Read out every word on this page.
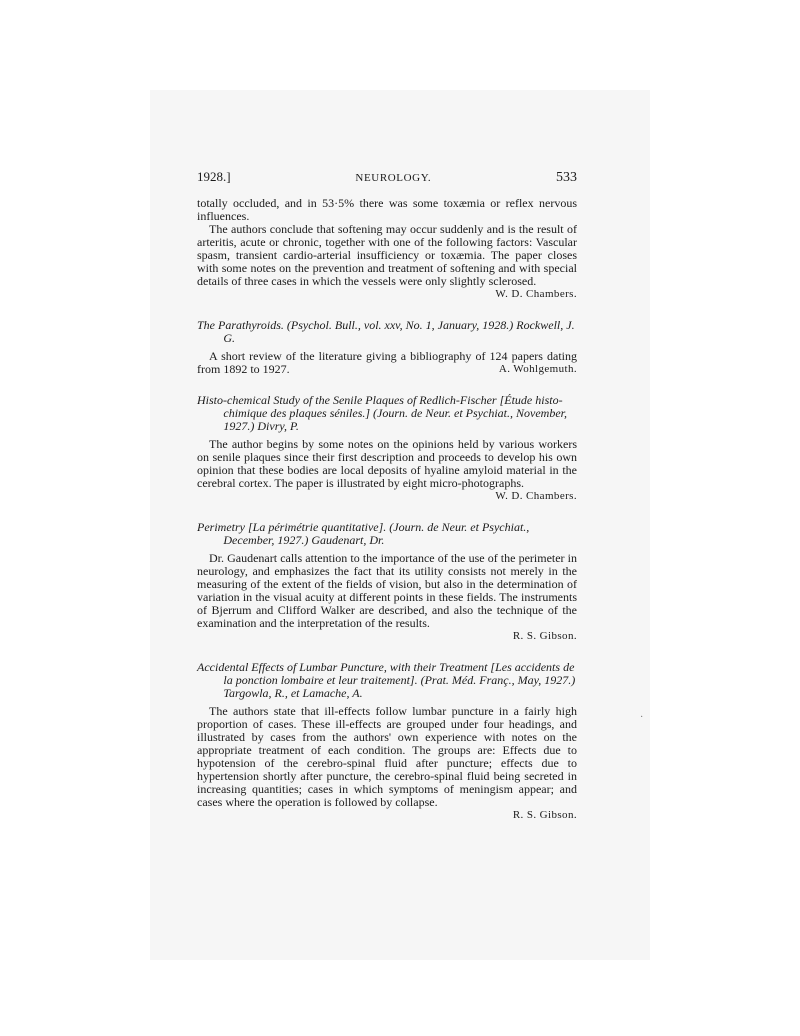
1928.]	NEUROLOGY.	533

totally occluded, and in 53·5% there was some toxæmia or reflex nervous influences.

The authors conclude that softening may occur suddenly and is the result of arteritis, acute or chronic, together with one of the following factors: Vascular spasm, transient cardio-arterial insufficiency or toxæmia. The paper closes with some notes on the prevention and treatment of softening and with special details of three cases in which the vessels were only slightly sclerosed.

W. D. Chambers.

The Parathyroids. (Psychol. Bull., vol. xxv, No. 1, January, 1928.) Rockwell, J. G.

A short review of the literature giving a bibliography of 124 papers dating from 1892 to 1927.	A. Wohlgemuth.

Histo-chemical Study of the Senile Plaques of Redlich-Fischer [Étude histo-chimique des plaques séniles.] (Journ. de Neur. et Psychiat., November, 1927.) Divry, P.

The author begins by some notes on the opinions held by various workers on senile plaques since their first description and proceeds to develop his own opinion that these bodies are local deposits of hyaline amyloid material in the cerebral cortex. The paper is illustrated by eight micro-photographs.
W. D. Chambers.

Perimetry [La périmétrie quantitative]. (Journ. de Neur. et Psychiat., December, 1927.) Gaudenart, Dr.

Dr. Gaudenart calls attention to the importance of the use of the perimeter in neurology, and emphasizes the fact that its utility consists not merely in the measuring of the extent of the fields of vision, but also in the determination of variation in the visual acuity at different points in these fields. The instruments of Bjerrum and Clifford Walker are described, and also the technique of the examination and the interpretation of the results.

R. S. Gibson.

Accidental Effects of Lumbar Puncture, with their Treatment [Les accidents de la ponction lombaire et leur traitement]. (Prat. Méd. Franç., May, 1927.) Targowla, R., et Lamache, A.

The authors state that ill-effects follow lumbar puncture in a fairly high proportion of cases. These ill-effects are grouped under four headings, and illustrated by cases from the authors' own experience with notes on the appropriate treatment of each condition. The groups are: Effects due to hypotension of the cerebro-spinal fluid after puncture; effects due to hypertension shortly after puncture, the cerebro-spinal fluid being secreted in increasing quantities; cases in which symptoms of meningism appear; and cases where the operation is followed by collapse.

R. S. Gibson.

·
